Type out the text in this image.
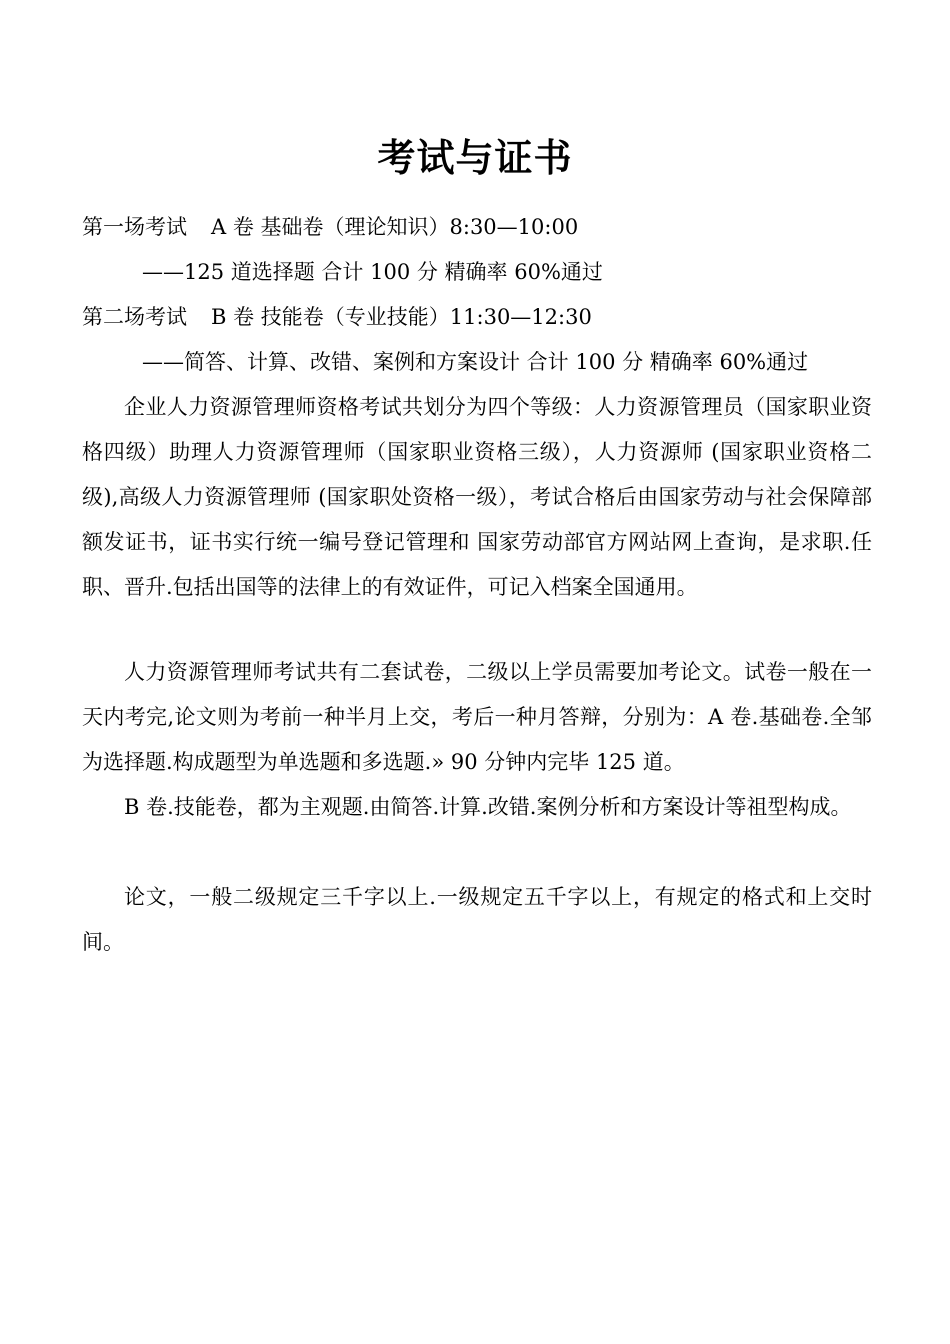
考试与证书
第一场考试 A 卷 基础卷（理论知识）8:30—10:00
——125 道选择题 合计 100 分 精确率 60%通过
第二场考试 B 卷 技能卷（专业技能）11:30—12:30
——简答、计算、改错、案例和方案设计 合计 100 分 精确率 60%通过

企业人力资源管理师资格考试共划分为四个等级：人力资源管理员（国家职业资格四级）助理人力资源管理师（国家职业资格三级），人力资源师 (国家职业资格二级),高级人力资源管理师 (国家职处资格一级），考试合格后由国家劳动与社会保障部额发证书，证书实行统一编号登记管理和 国家劳动部官方网站网上查询，是求职.任职、晋升.包括出国等的法律上的有效证件，可记入档案全国通用。

人力资源管理师考试共有二套试卷，二级以上学员需要加考论文。试卷一般在一天内考完,论文则为考前一种半月上交，考后一种月答辩，分别为：A 卷.基础卷.全邹为选择题.构成题型为单选题和多选题.» 90 分钟内完毕 125 道。

B 卷.技能卷，都为主观题.由简答.计算.改错.案例分析和方案设计等祖型构成。

论文，一般二级规定三千字以上.一级规定五千字以上，有规定的格式和上交时间。
